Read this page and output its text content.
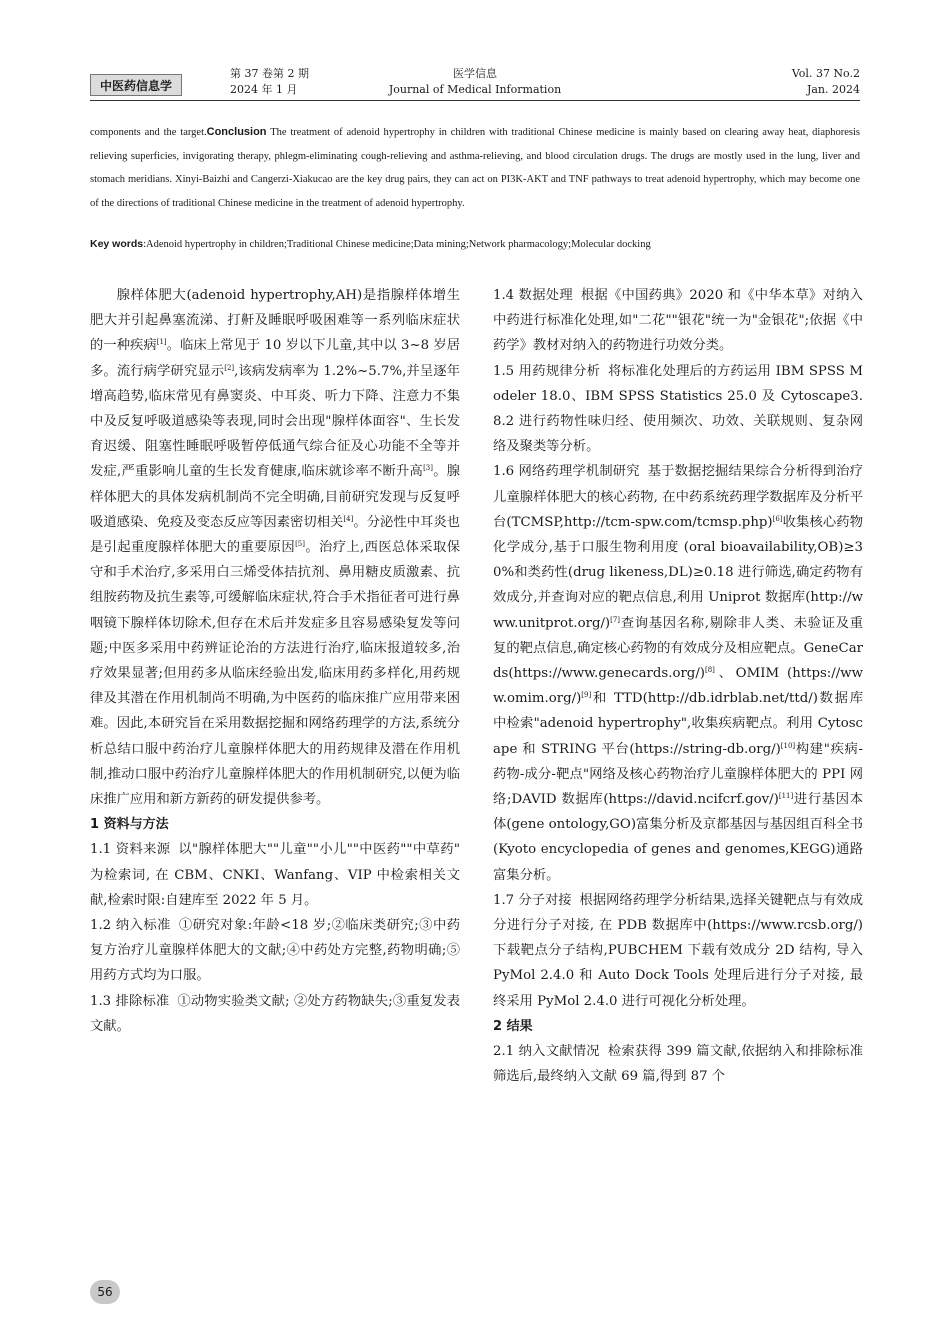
中医药信息学
第 37 卷第 2 期
2024 年 1 月
医学信息
Journal of Medical Information
Vol. 37 No.2
Jan. 2024
components and the target.Conclusion The treatment of adenoid hypertrophy in children with traditional Chinese medicine is mainly based on clearing away heat, diaphoresis relieving superficies, invigorating therapy, phlegm-eliminating cough-relieving and asthma-relieving, and blood circulation drugs. The drugs are mostly used in the lung, liver and stomach meridians. Xinyi-Baizhi and Cangerzi-Xiakucao are the key drug pairs, they can act on PI3K-AKT and TNF pathways to treat adenoid hypertrophy, which may become one of the directions of traditional Chinese medicine in the treatment of adenoid hypertrophy.
Key words:Adenoid hypertrophy in children;Traditional Chinese medicine;Data mining;Network pharmacology;Molecular docking

腺样体肥大(adenoid hypertrophy,AH)是指腺样体增生肥大并引起鼻塞流涕、打鼾及睡眠呼吸困难等一系列临床症状的一种疾病[1]。临床上常见于 10 岁以下儿童,其中以 3~8 岁居多。流行病学研究显示[2],该病发病率为 1.2%~5.7%,并呈逐年增高趋势,临床常见有鼻窦炎、中耳炎、听力下降、注意力不集中及反复呼吸道感染等表现,同时会出现"腺样体面容"、生长发育迟缓、阻塞性睡眠呼吸暂停低通气综合征及心功能不全等并发症,严重影响儿童的生长发育健康,临床就诊率不断升高[3]。腺样体肥大的具体发病机制尚不完全明确,目前研究发现与反复呼吸道感染、免疫及变态反应等因素密切相关[4]。分泌性中耳炎也是引起重度腺样体肥大的重要原因[5]。治疗上,西医总体采取保守和手术治疗,多采用白三烯受体拮抗剂、鼻用糖皮质激素、抗组胺药物及抗生素等,可缓解临床症状,符合手术指征者可进行鼻咽镜下腺样体切除术,但存在术后并发症多且容易感染复发等问题;中医多采用中药辨证论治的方法进行治疗,临床报道较多,治疗效果显著;但用药多从临床经验出发,临床用药多样化,用药规律及其潜在作用机制尚不明确,为中医药的临床推广应用带来困难。因此,本研究旨在采用数据挖掘和网络药理学的方法,系统分析总结口服中药治疗儿童腺样体肥大的用药规律及潜在作用机制,推动口服中药治疗儿童腺样体肥大的作用机制研究,以便为临床推广应用和新方新药的研发提供参考。

1 资料与方法

1.1 资料来源 以"腺样体肥大""儿童""小儿""中医药""中草药" 为检索词, 在 CBM、CNKI、Wanfang、VIP 中检索相关文献,检索时限:自建库至 2022 年 5 月。

1.2 纳入标准 ①研究对象:年龄<18 岁;②临床类研究;③中药复方治疗儿童腺样体肥大的文献;④中药处方完整,药物明确;⑤用药方式均为口服。

1.3 排除标准 ①动物实验类文献; ②处方药物缺失;③重复发表文献。

1.4 数据处理 根据《中国药典》2020 和《中华本草》对纳入中药进行标准化处理,如"二花""银花"统一为"金银花";依据《中药学》教材对纳入的药物进行功效分类。

1.5 用药规律分析 将标准化处理后的方药运用 IBM SPSS Modeler 18.0、IBM SPSS Statistics 25.0 及 Cytoscape3.8.2 进行药物性味归经、使用频次、功效、关联规则、复杂网络及聚类等分析。

1.6 网络药理学机制研究 基于数据挖掘结果综合分析得到治疗儿童腺样体肥大的核心药物, 在中药系统药理学数据库及分析平台(TCMSP,http://tcm-spw.com/tcmsp.php)[6]收集核心药物化学成分,基于口服生物利用度 (oral bioavailability,OB)≥30%和类药性(drug likeness,DL)≥0.18 进行筛选,确定药物有效成分,并查询对应的靶点信息,利用 Uniprot 数据库(http://www.unitprot.org/)[7]查询基因名称,剔除非人类、未验证及重复的靶点信息,确定核心药物的有效成分及相应靶点。GeneCards(https://www.genecards.org/)[8]、OMIM (https://www.omim.org/)[9]和 TTD(http://db.idrblab.net/ttd/)数据库中检索"adenoid hypertrophy",收集疾病靶点。利用 Cytoscape 和 STRING 平台(https://string-db.org/)[10]构建"疾病-药物-成分-靶点"网络及核心药物治疗儿童腺样体肥大的 PPI 网络;DAVID 数据库(https://david.ncifcrf.gov/)[11]进行基因本体(gene ontology,GO)富集分析及京都基因与基因组百科全书 (Kyoto encyclopedia of genes and genomes,KEGG)通路富集分析。

1.7 分子对接 根据网络药理学分析结果,选择关键靶点与有效成分进行分子对接, 在 PDB 数据库中(https://www.rcsb.org/) 下载靶点分子结构,PUBCHEM 下载有效成分 2D 结构, 导入 PyMol 2.4.0 和 Auto Dock Tools 处理后进行分子对接, 最终采用 PyMol 2.4.0 进行可视化分析处理。

2 结果

2.1 纳入文献情况 检索获得 399 篇文献,依据纳入和排除标准筛选后,最终纳入文献 69 篇,得到 87 个

56
